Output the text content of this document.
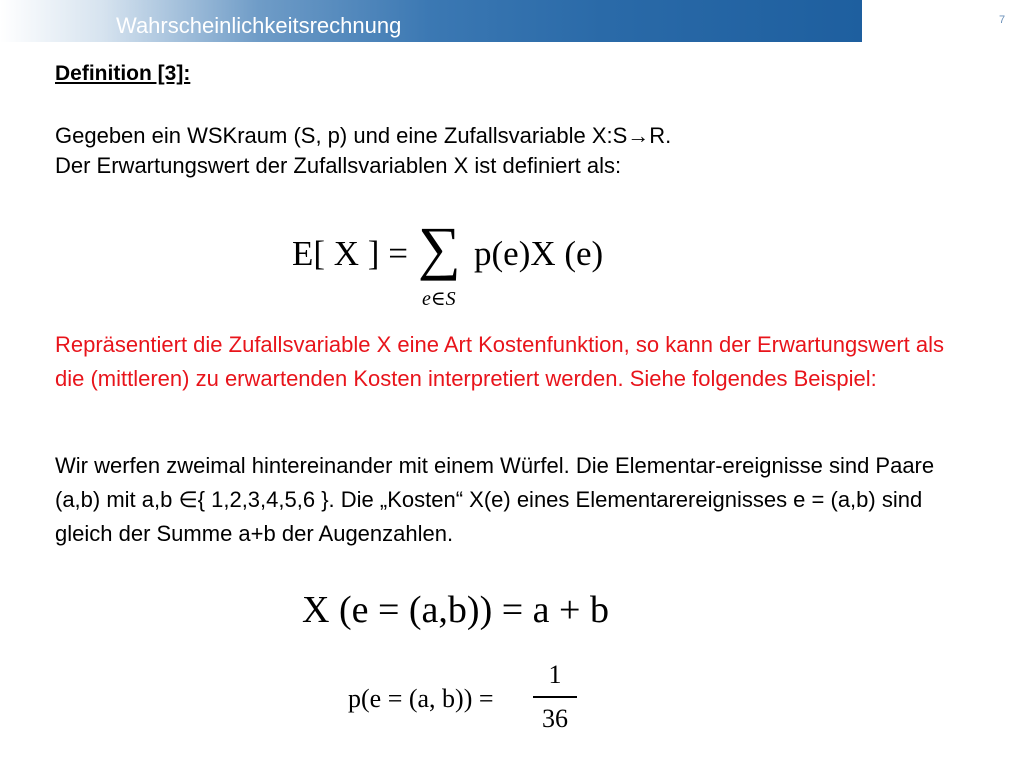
Wahrscheinlichkeitsrechnung	7
Definition [3]:
Gegeben ein WSKraum (S, p) und eine Zufallsvariable X:S→R.
Der Erwartungswert der Zufallsvariablen X ist definiert als:
E[ X ] = ∑
e∈S
p(e)X (e)
Repräsentiert die Zufallsvariable X eine Art Kostenfunktion, so kann der Erwartungswert als die (mittleren) zu erwartenden Kosten interpretiert werden. Siehe folgendes Beispiel:
Wir werfen zweimal hintereinander mit einem Würfel. Die Elementar-ereignisse sind Paare (a,b) mit a,b ∈{ 1,2,3,4,5,6 }. Die „Kosten“ X(e) eines Elementarereignisses e = (a,b) sind gleich der Summe a+b der Augenzahlen.
X (e = (a,b)) = a + b
p(e = (a, b)) =
1
36
